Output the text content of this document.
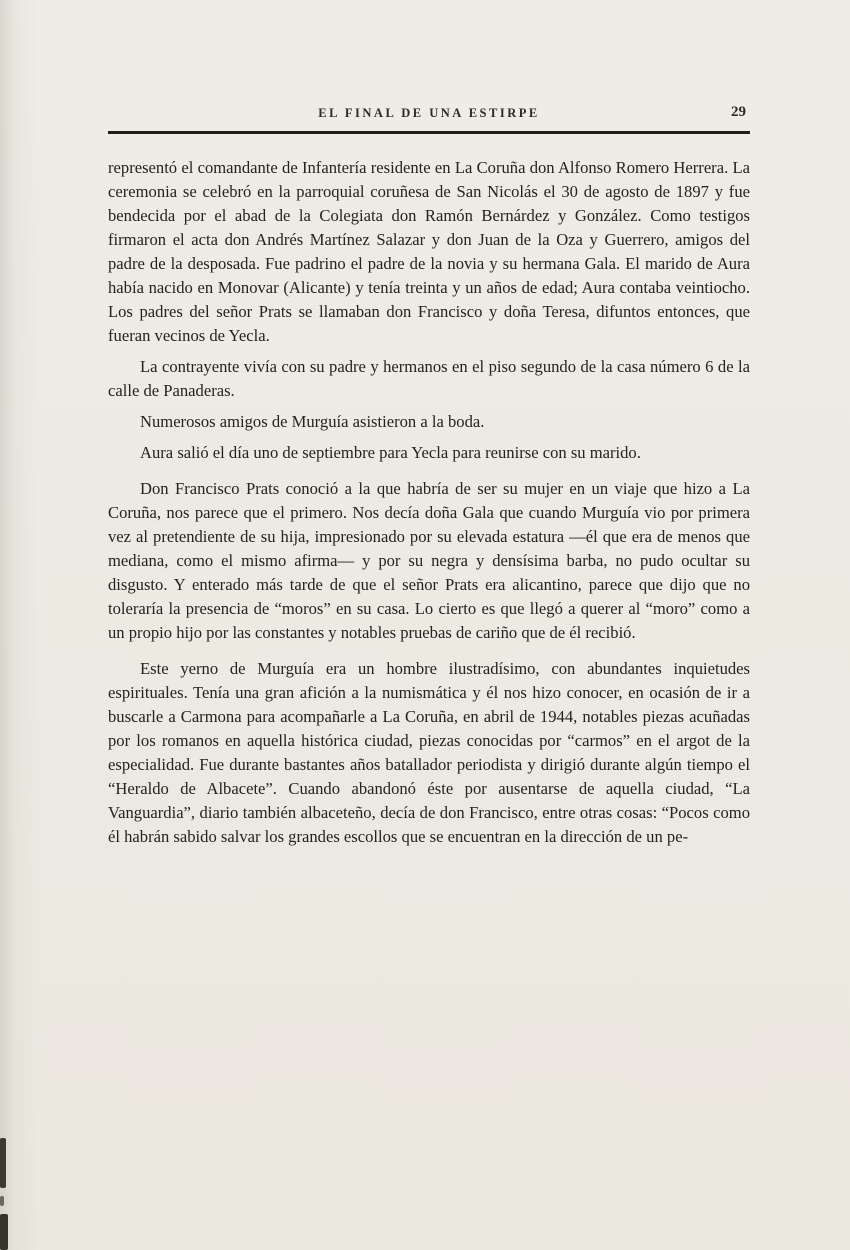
EL FINAL DE UNA ESTIRPE	29

representó el comandante de Infantería residente en La Coruña don Alfonso Romero Herrera. La ceremonia se celebró en la parroquial coruñesa de San Nicolás el 30 de agosto de 1897 y fue bendecida por el abad de la Colegiata don Ramón Bernárdez y González. Como testigos firmaron el acta don Andrés Martínez Salazar y don Juan de la Oza y Guerrero, amigos del padre de la desposada. Fue padrino el padre de la novia y su hermana Gala. El marido de Aura había nacido en Monovar (Alicante) y tenía treinta y un años de edad; Aura contaba veintiocho. Los padres del señor Prats se llamaban don Francisco y doña Teresa, difuntos entonces, que fueran vecinos de Yecla.

La contrayente vivía con su padre y hermanos en el piso segundo de la casa número 6 de la calle de Panaderas.

Numerosos amigos de Murguía asistieron a la boda.

Aura salió el día uno de septiembre para Yecla para reunirse con su marido.

Don Francisco Prats conoció a la que habría de ser su mujer en un viaje que hizo a La Coruña, nos parece que el primero. Nos decía doña Gala que cuando Murguía vio por primera vez al pretendiente de su hija, impresionado por su elevada estatura —él que era de menos que mediana, como el mismo afirma— y por su negra y densísima barba, no pudo ocultar su disgusto. Y enterado más tarde de que el señor Prats era alicantino, parece que dijo que no toleraría la presencia de “moros” en su casa. Lo cierto es que llegó a querer al “moro” como a un propio hijo por las constantes y notables pruebas de cariño que de él recibió.

Este yerno de Murguía era un hombre ilustradísimo, con abundantes inquietudes espirituales. Tenía una gran afición a la numismática y él nos hizo conocer, en ocasión de ir a buscarle a Carmona para acompañarle a La Coruña, en abril de 1944, notables piezas acuñadas por los romanos en aquella histórica ciudad, piezas conocidas por “carmos” en el argot de la especialidad. Fue durante bastantes años batallador periodista y dirigió durante algún tiempo el “Heraldo de Albacete”. Cuando abandonó éste por ausentarse de aquella ciudad, “La Vanguardia”, diario también albaceteño, decía de don Francisco, entre otras cosas: “Pocos como él habrán sabido salvar los grandes escollos que se encuentran en la dirección de un pe-
